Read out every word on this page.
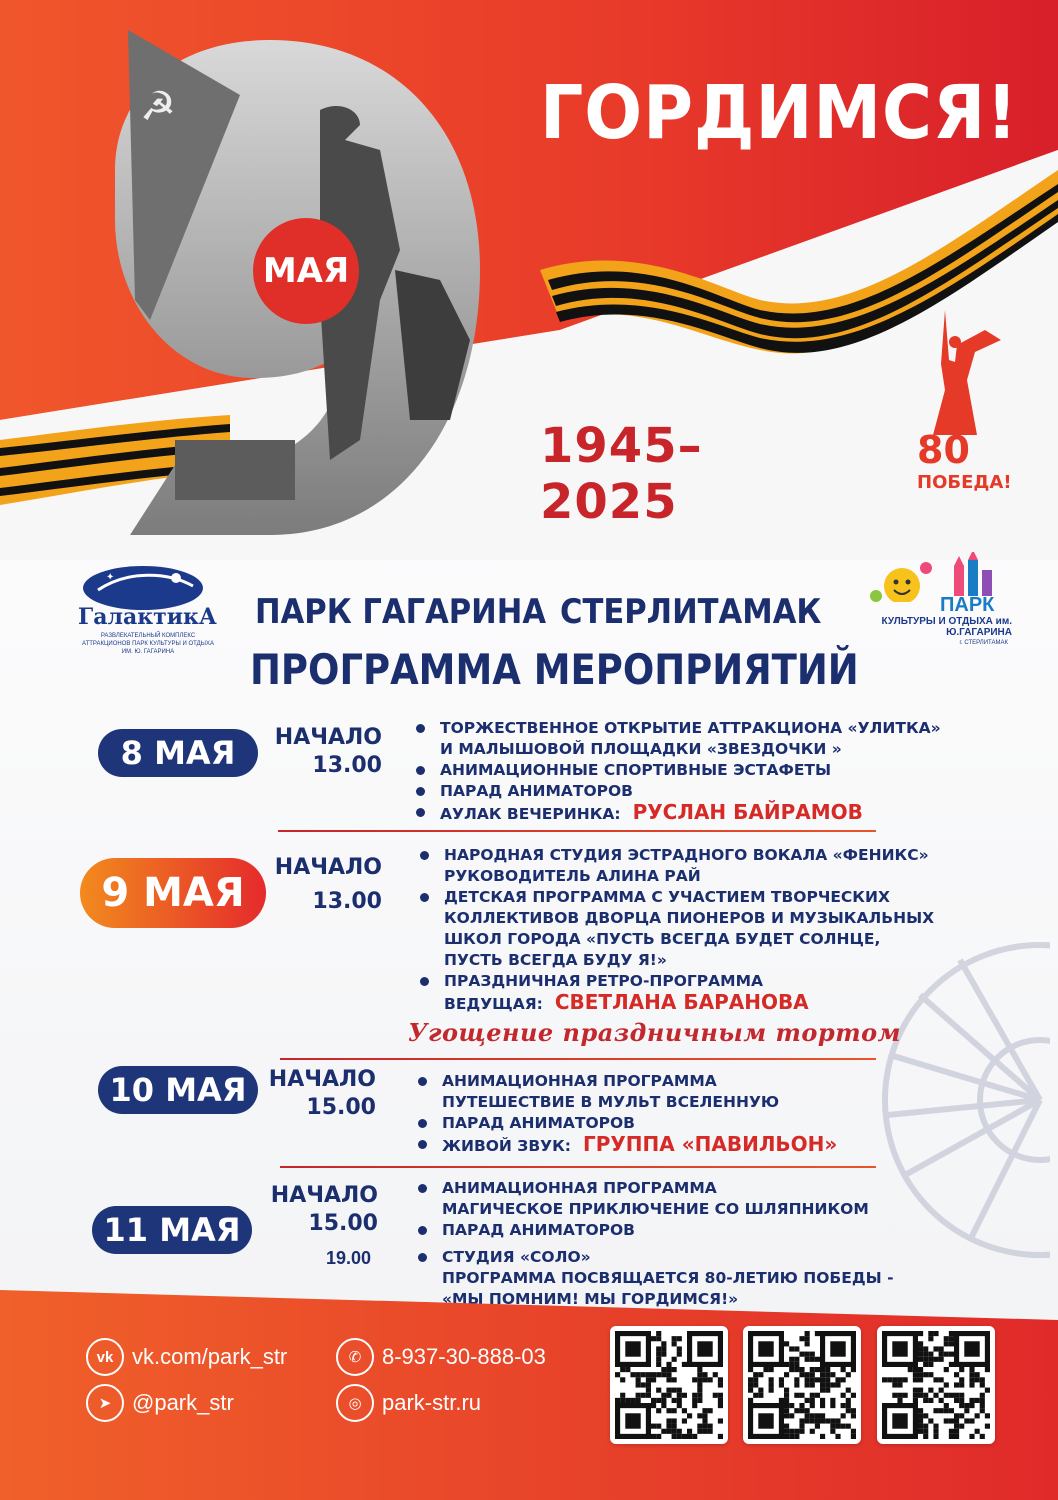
☭	ГОРДИМСЯ!
МАЯ
1945–2025
80
ПОБЕДА!
✦
ГалактикА
РАЗВЛЕКАТЕЛЬНЫЙ КОМПЛЕКС АТТРАКЦИОНОВ ПАРК КУЛЬТУРЫ И ОТДЫХА ИМ. Ю. ГАГАРИНА
ПАРК
КУЛЬТУРЫ И ОТДЫХА им. Ю.ГАГАРИНА
г. СТЕРЛИТАМАК
ПАРК ГАГАРИНА СТЕРЛИТАМАК
ПРОГРАММА МЕРОПРИЯТИЙ
8 МАЯ	НАЧАЛО
13.00
ТОРЖЕСТВЕННОЕ ОТКРЫТИЕ АТТРАКЦИОНА «УЛИТКА»
И МАЛЫШОВОЙ ПЛОЩАДКИ «ЗВЕЗДОЧКИ »
АНИМАЦИОННЫЕ СПОРТИВНЫЕ ЭСТАФЕТЫ
ПАРАД АНИМАТОРОВ
АУЛАК ВЕЧЕРИНКА: РУСЛАН БАЙРАМОВ
9 МАЯ
НАЧАЛО
13.00
НАРОДНАЯ СТУДИЯ ЭСТРАДНОГО ВОКАЛА «ФЕНИКС»
РУКОВОДИТЕЛЬ АЛИНА РАЙ
ДЕТСКАЯ ПРОГРАММА С УЧАСТИЕМ ТВОРЧЕСКИХ
КОЛЛЕКТИВОВ ДВОРЦА ПИОНЕРОВ И МУЗЫКАЛЬНЫХ
ШКОЛ ГОРОДА «ПУСТЬ ВСЕГДА БУДЕТ СОЛНЦЕ,
ПУСТЬ ВСЕГДА БУДУ Я!»
ПРАЗДНИЧНАЯ РЕТРО-ПРОГРАММА
ВЕДУЩАЯ: СВЕТЛАНА БАРАНОВА
Угощение праздничным тортом
10 МАЯ	НАЧАЛО
15.00
АНИМАЦИОННАЯ ПРОГРАММА
ПУТЕШЕСТВИЕ В МУЛЬТ ВСЕЛЕННУЮ
ПАРАД АНИМАТОРОВ
ЖИВОЙ ЗВУК: ГРУППА «ПАВИЛЬОН»
11 МАЯ
НАЧАЛО
15.00
19.00
АНИМАЦИОННАЯ ПРОГРАММА
МАГИЧЕСКОЕ ПРИКЛЮЧЕНИЕ СО ШЛЯПНИКОМ
ПАРАД АНИМАТОРОВ
СТУДИЯ «СОЛО»
ПРОГРАММА ПОСВЯЩАЕТСЯ 80-ЛЕТИЮ ПОБЕДЫ -
«МЫ ПОМНИМ! МЫ ГОРДИМСЯ!»
vk vk.com/park_str
➤ @park_str
✆ 8-937-30-888-03
◎ park-str.ru
